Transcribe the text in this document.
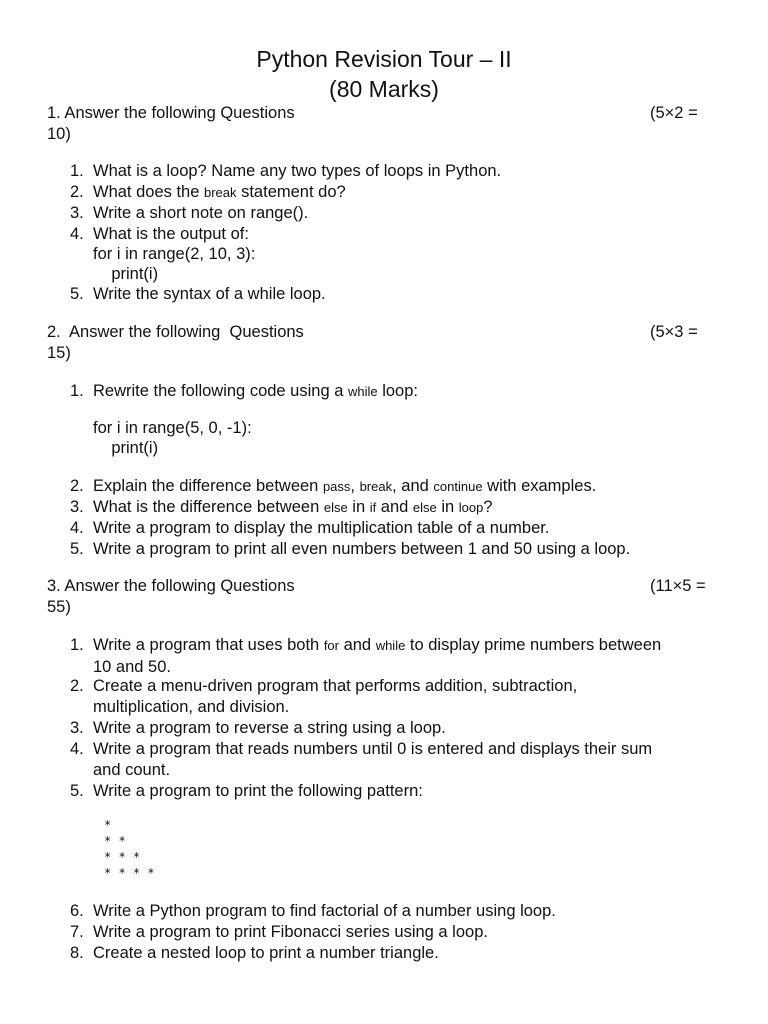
Python Revision Tour – II
(80 Marks)
1. Answer the following Questions	(5×2 =
10)
1. What is a loop? Name any two types of loops in Python.
2. What does the break statement do?
3. Write a short note on range().
4. What is the output of:
for i in range(2, 10, 3):
print(i)
5. Write the syntax of a while loop.
2.  Answer the following  Questions	(5×3 =
15)
1. Rewrite the following code using a while loop:
for i in range(5, 0, -1):
print(i)
2. Explain the difference between pass, break, and continue with examples.
3. What is the difference between else in if and else in loop?
4. Write a program to display the multiplication table of a number.
5. Write a program to print all even numbers between 1 and 50 using a loop.
3. Answer the following Questions	(11×5 =
55)
1. Write a program that uses both for and while to display prime numbers between
10 and 50.
2. Create a menu-driven program that performs addition, subtraction,
multiplication, and division.
3. Write a program to reverse a string using a loop.
4. Write a program that reads numbers until 0 is entered and displays their sum
and count.
5. Write a program to print the following pattern:
*
* *
* * *
* * * *
6. Write a Python program to find factorial of a number using loop.
7. Write a program to print Fibonacci series using a loop.
8. Create a nested loop to print a number triangle.
